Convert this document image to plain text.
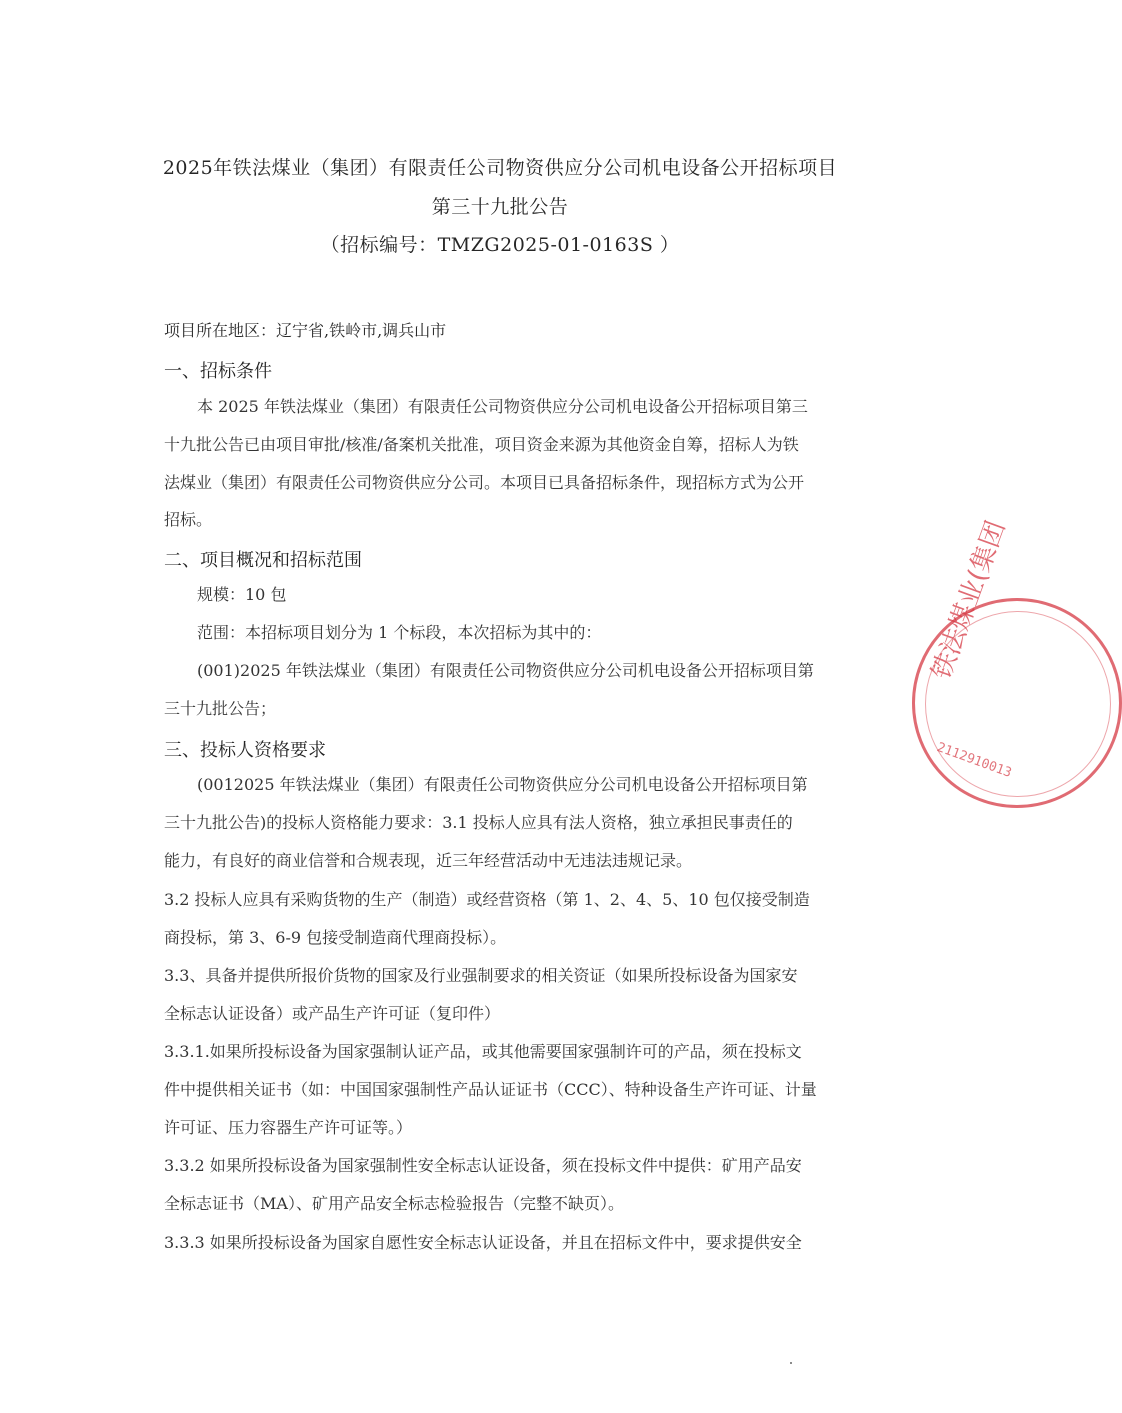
2025年铁法煤业（集团）有限责任公司物资供应分公司机电设备公开招标项目
第三十九批公告
（招标编号：TMZG2025-01-0163S ）
项目所在地区：辽宁省,铁岭市,调兵山市
一、招标条件
本 2025 年铁法煤业（集团）有限责任公司物资供应分公司机电设备公开招标项目第三
十九批公告已由项目审批/核准/备案机关批准，项目资金来源为其他资金自筹，招标人为铁
法煤业（集团）有限责任公司物资供应分公司。本项目已具备招标条件，现招标方式为公开
招标。
二、项目概况和招标范围
规模：10 包
范围：本招标项目划分为 1 个标段，本次招标为其中的：
(001)2025 年铁法煤业（集团）有限责任公司物资供应分公司机电设备公开招标项目第
三十九批公告；
三、投标人资格要求
(0012025 年铁法煤业（集团）有限责任公司物资供应分公司机电设备公开招标项目第
三十九批公告)的投标人资格能力要求：3.1 投标人应具有法人资格，独立承担民事责任的
能力，有良好的商业信誉和合规表现，近三年经营活动中无违法违规记录。
3.2 投标人应具有采购货物的生产（制造）或经营资格（第 1、2、4、5、10 包仅接受制造
商投标，第 3、6-9 包接受制造商代理商投标）。
3.3、具备并提供所报价货物的国家及行业强制要求的相关资证（如果所投标设备为国家安
全标志认证设备）或产品生产许可证（复印件）
3.3.1.如果所投标设备为国家强制认证产品，或其他需要国家强制许可的产品，须在投标文
件中提供相关证书（如：中国国家强制性产品认证证书（CCC）、特种设备生产许可证、计量
许可证、压力容器生产许可证等。）
3.3.2 如果所投标设备为国家强制性安全标志认证设备，须在投标文件中提供：矿用产品安
全标志证书（MA）、矿用产品安全标志检验报告（完整不缺页）。
3.3.3 如果所投标设备为国家自愿性安全标志认证设备，并且在招标文件中，要求提供安全
铁法煤业(集团
2112910013
